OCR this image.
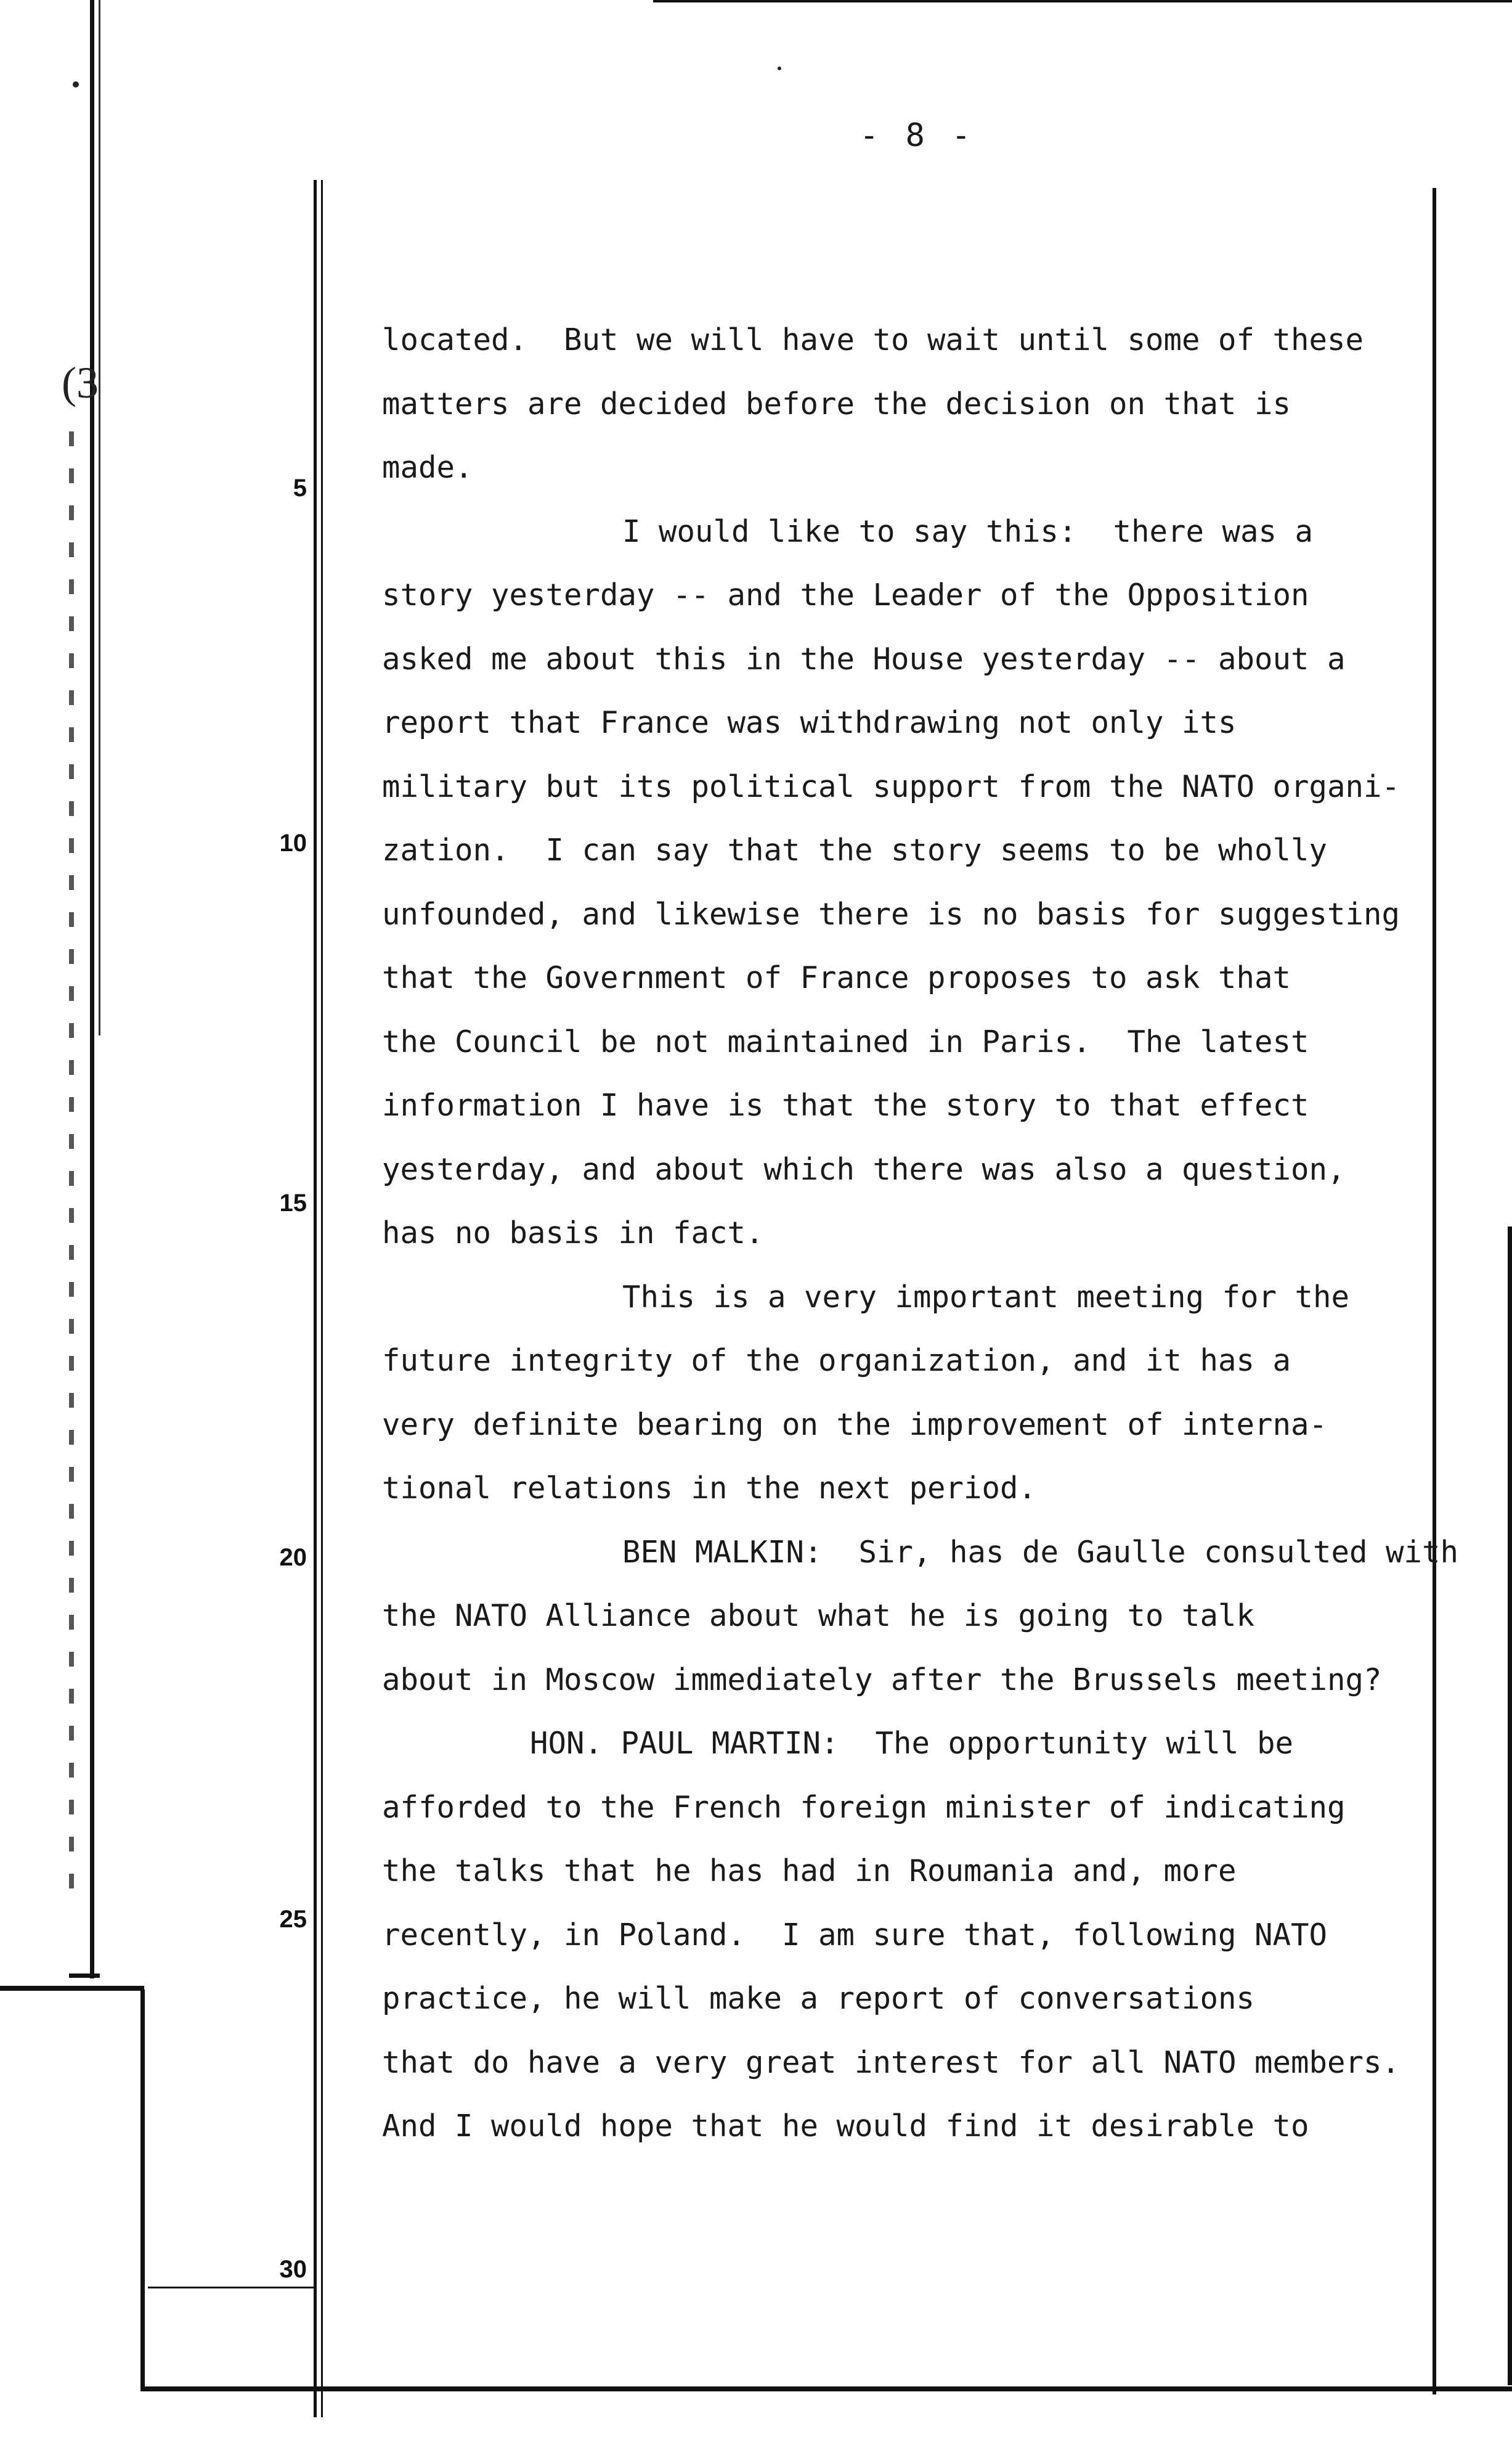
(3
- 8 -
5
10
15
20
25
30
located.  But we will have to wait until some of these
matters are decided before the decision on that is
made.
I would like to say this:  there was a
story yesterday -- and the Leader of the Opposition
asked me about this in the House yesterday -- about a
report that France was withdrawing not only its
military but its political support from the NATO organi-
zation.  I can say that the story seems to be wholly
unfounded, and likewise there is no basis for suggesting
that the Government of France proposes to ask that
the Council be not maintained in Paris.  The latest
information I have is that the story to that effect
yesterday, and about which there was also a question,
has no basis in fact.
This is a very important meeting for the
future integrity of the organization, and it has a
very definite bearing on the improvement of interna-
tional relations in the next period.
BEN MALKIN:  Sir, has de Gaulle consulted with
the NATO Alliance about what he is going to talk
about in Moscow immediately after the Brussels meeting?
HON. PAUL MARTIN:  The opportunity will be
afforded to the French foreign minister of indicating
the talks that he has had in Roumania and, more
recently, in Poland.  I am sure that, following NATO
practice, he will make a report of conversations
that do have a very great interest for all NATO members.
And I would hope that he would find it desirable to
